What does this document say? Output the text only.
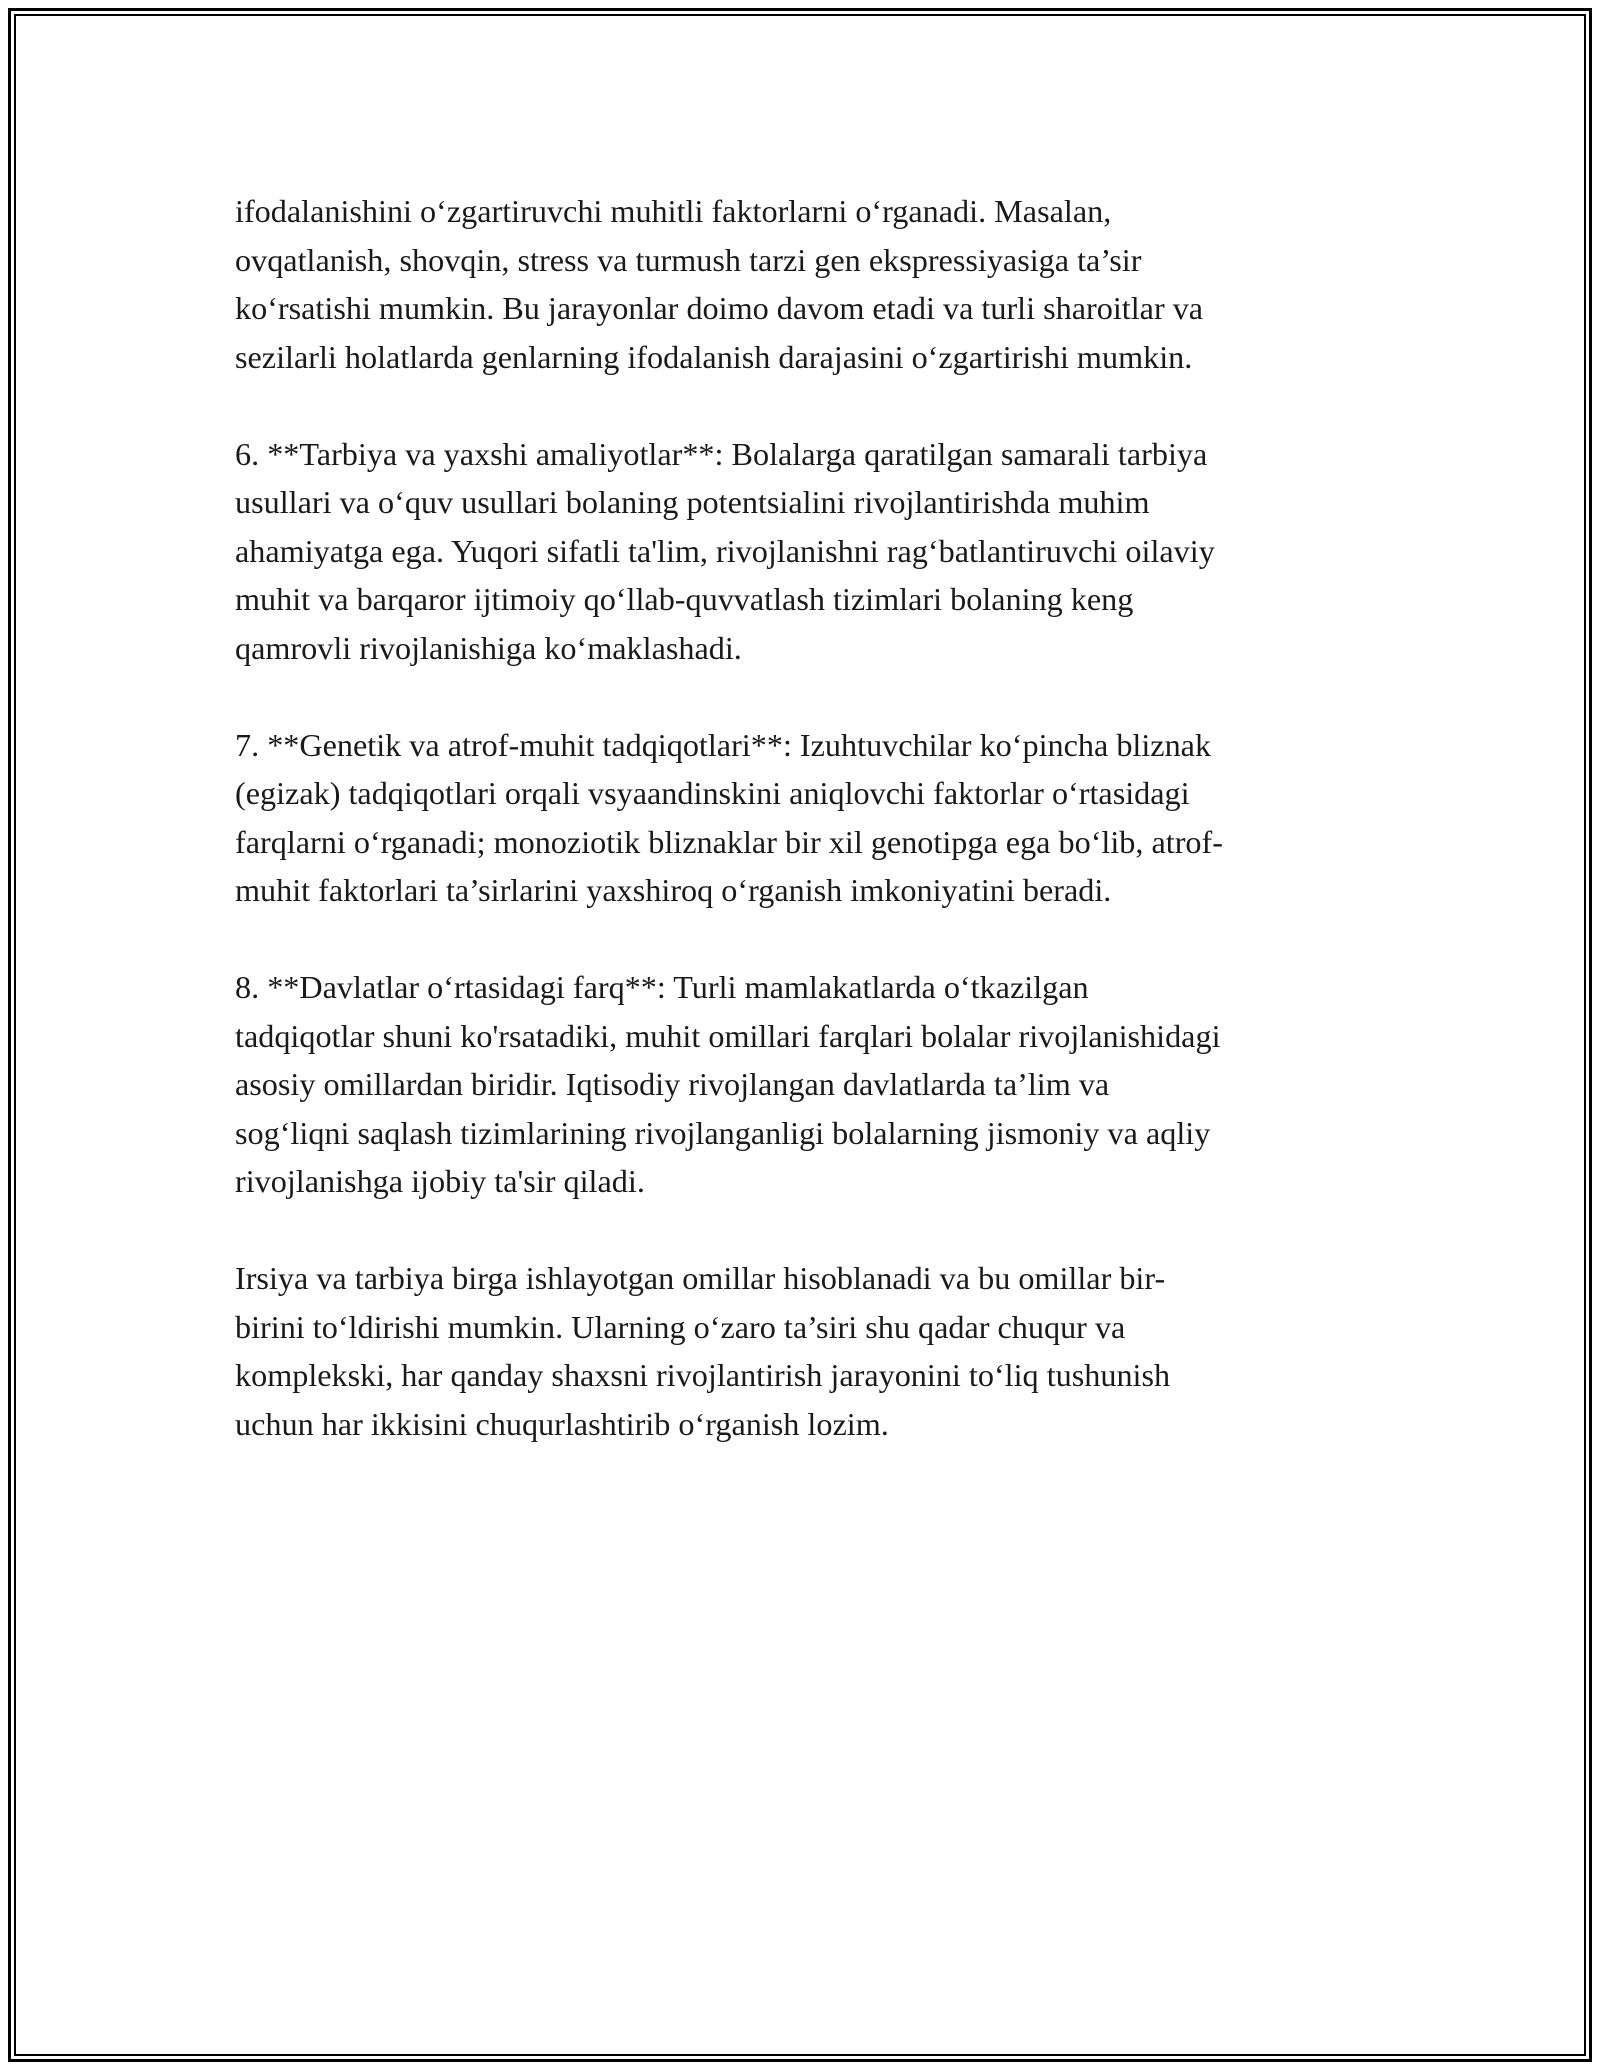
ifodalanishini o‘zgartiruvchi muhitli faktorlarni o‘rganadi. Masalan,
ovqatlanish, shovqin, stress va turmush tarzi gen ekspressiyasiga ta’sir
ko‘rsatishi mumkin. Bu jarayonlar doimo davom etadi va turli sharoitlar va
sezilarli holatlarda genlarning ifodalanish darajasini o‘zgartirishi mumkin.

6. **Tarbiya va yaxshi amaliyotlar**: Bolalarga qaratilgan samarali tarbiya
usullari va o‘quv usullari bolaning potentsialini rivojlantirishda muhim
ahamiyatga ega. Yuqori sifatli ta'lim, rivojlanishni rag‘batlantiruvchi oilaviy
muhit va barqaror ijtimoiy qo‘llab-quvvatlash tizimlari bolaning keng
qamrovli rivojlanishiga ko‘maklashadi.

7. **Genetik va atrof-muhit tadqiqotlari**: Izuhtuvchilar ko‘pincha bliznak
(egizak) tadqiqotlari orqali vsyaandinskini aniqlovchi faktorlar o‘rtasidagi
farqlarni o‘rganadi; monoziotik bliznaklar bir xil genotipga ega bo‘lib, atrof-
muhit faktorlari ta’sirlarini yaxshiroq o‘rganish imkoniyatini beradi.

8. **Davlatlar o‘rtasidagi farq**: Turli mamlakatlarda o‘tkazilgan
tadqiqotlar shuni ko'rsatadiki, muhit omillari farqlari bolalar rivojlanishidagi
asosiy omillardan biridir. Iqtisodiy rivojlangan davlatlarda ta’lim va
sog‘liqni saqlash tizimlarining rivojlanganligi bolalarning jismoniy va aqliy
rivojlanishga ijobiy ta'sir qiladi.

Irsiya va tarbiya birga ishlayotgan omillar hisoblanadi va bu omillar bir-
birini to‘ldirishi mumkin. Ularning o‘zaro ta’siri shu qadar chuqur va
komplekski, har qanday shaxsni rivojlantirish jarayonini to‘liq tushunish
uchun har ikkisini chuqurlashtirib o‘rganish lozim.
